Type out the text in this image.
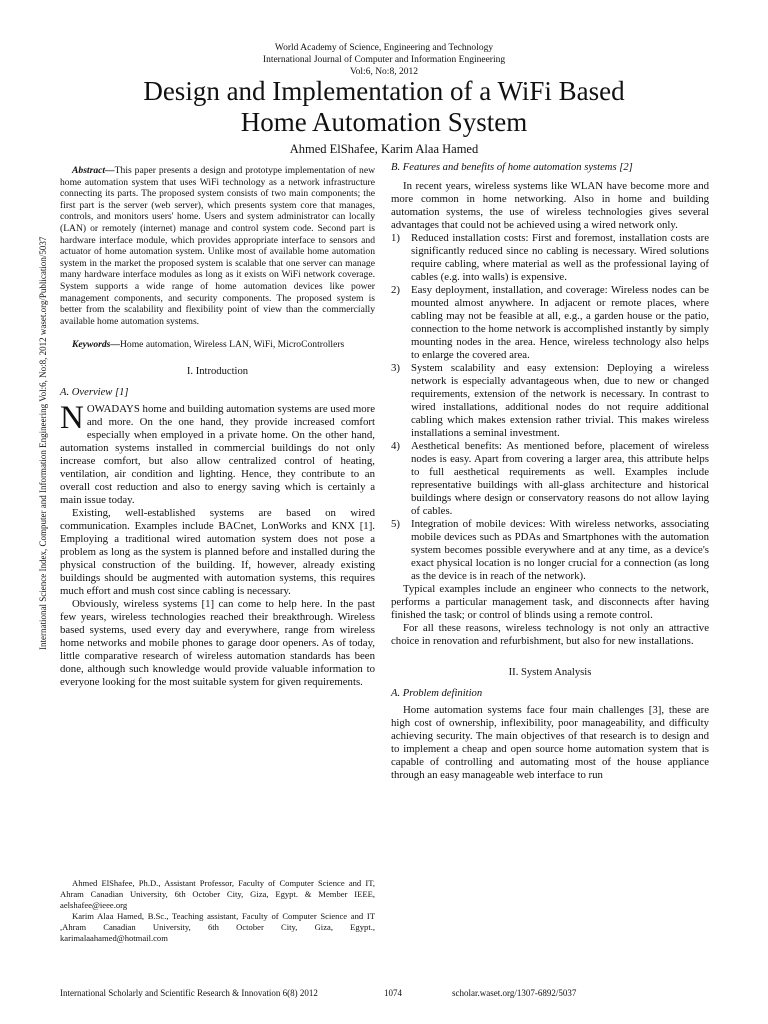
World Academy of Science, Engineering and Technology
International Journal of Computer and Information Engineering
Vol:6, No:8, 2012
Design and Implementation of a WiFi Based
Home Automation System
Ahmed ElShafee, Karim Alaa Hamed
International Science Index, Computer and Information Engineering Vol:6, No:8, 2012 waset.org/Publication/5037

Abstract—This paper presents a design and prototype implementation of new home automation system that uses WiFi technology as a network infrastructure connecting its parts. The proposed system consists of two main components; the first part is the server (web server), which presents system core that manages, controls, and monitors users' home. Users and system administrator can locally (LAN) or remotely (internet) manage and control system code. Second part is hardware interface module, which provides appropriate interface to sensors and actuator of home automation system. Unlike most of available home automation system in the market the proposed system is scalable that one server can manage many hardware interface modules as long as it exists on WiFi network coverage. System supports a wide range of home automation devices like power management components, and security components. The proposed system is better from the scalability and flexibility point of view than the commercially available home automation systems.

Keywords—Home automation, Wireless LAN, WiFi, MicroControllers

I. Introduction

A. Overview [1]

NOWADAYS home and building automation systems are used more and more. On the one hand, they provide increased comfort especially when employed in a private home. On the other hand, automation systems installed in commercial buildings do not only increase comfort, but also allow centralized control of heating, ventilation, air condition and lighting. Hence, they contribute to an overall cost reduction and also to energy saving which is certainly a main issue today.

Existing, well-established systems are based on wired communication. Examples include BACnet, LonWorks and KNX [1]. Employing a traditional wired automation system does not pose a problem as long as the system is planned before and installed during the physical construction of the building. If, however, already existing buildings should be augmented with automation systems, this requires much effort and mush cost since cabling is necessary.

Obviously, wireless systems [1] can come to help here. In the past few years, wireless technologies reached their breakthrough. Wireless based systems, used every day and everywhere, range from wireless home networks and mobile phones to garage door openers. As of today, little comparative research of wireless automation standards has been done, although such knowledge would provide valuable information to everyone looking for the most suitable system for given requirements.

Ahmed ElShafee, Ph.D., Assistant Professor, Faculty of Computer Science and IT, Ahram Canadian University, 6th October City, Giza, Egypt. & Member IEEE, aelshafee@ieee.org

Karim Alaa Hamed, B.Sc., Teaching assistant, Faculty of Computer Science and IT ,Ahram Canadian University, 6th October City, Giza, Egypt., karimalaahamed@hotmail.com

B. Features and benefits of home automation systems [2]

In recent years, wireless systems like WLAN have become more and more common in home networking. Also in home and building automation systems, the use of wireless technologies gives several advantages that could not be achieved using a wired network only.

1) Reduced installation costs: First and foremost, installation costs are significantly reduced since no cabling is necessary. Wired solutions require cabling, where material as well as the professional laying of cables (e.g. into walls) is expensive.
2) Easy deployment, installation, and coverage: Wireless nodes can be mounted almost anywhere. In adjacent or remote places, where cabling may not be feasible at all, e.g., a garden house or the patio, connection to the home network is accomplished instantly by simply mounting nodes in the area. Hence, wireless technology also helps to enlarge the covered area.
3) System scalability and easy extension: Deploying a wireless network is especially advantageous when, due to new or changed requirements, extension of the network is necessary. In contrast to wired installations, additional nodes do not require additional cabling which makes extension rather trivial. This makes wireless installations a seminal investment.
4) Aesthetical benefits: As mentioned before, placement of wireless nodes is easy. Apart from covering a larger area, this attribute helps to full aesthetical requirements as well. Examples include representative buildings with all-glass architecture and historical buildings where design or conservatory reasons do not allow laying of cables.
5) Integration of mobile devices: With wireless networks, associating mobile devices such as PDAs and Smartphones with the automation system becomes possible everywhere and at any time, as a device's exact physical location is no longer crucial for a connection (as long as the device is in reach of the network).

Typical examples include an engineer who connects to the network, performs a particular management task, and disconnects after having finished the task; or control of blinds using a remote control.

For all these reasons, wireless technology is not only an attractive choice in renovation and refurbishment, but also for new installations.

II. System Analysis

A. Problem definition

Home automation systems face four main challenges [3], these are high cost of ownership, inflexibility, poor manageability, and difficulty achieving security. The main objectives of that research is to design and to implement a cheap and open source home automation system that is capable of controlling and automating most of the house appliance through an easy manageable web interface to run

International Scholarly and Scientific Research & Innovation 6(8) 2012	1074	scholar.waset.org/1307-6892/5037
